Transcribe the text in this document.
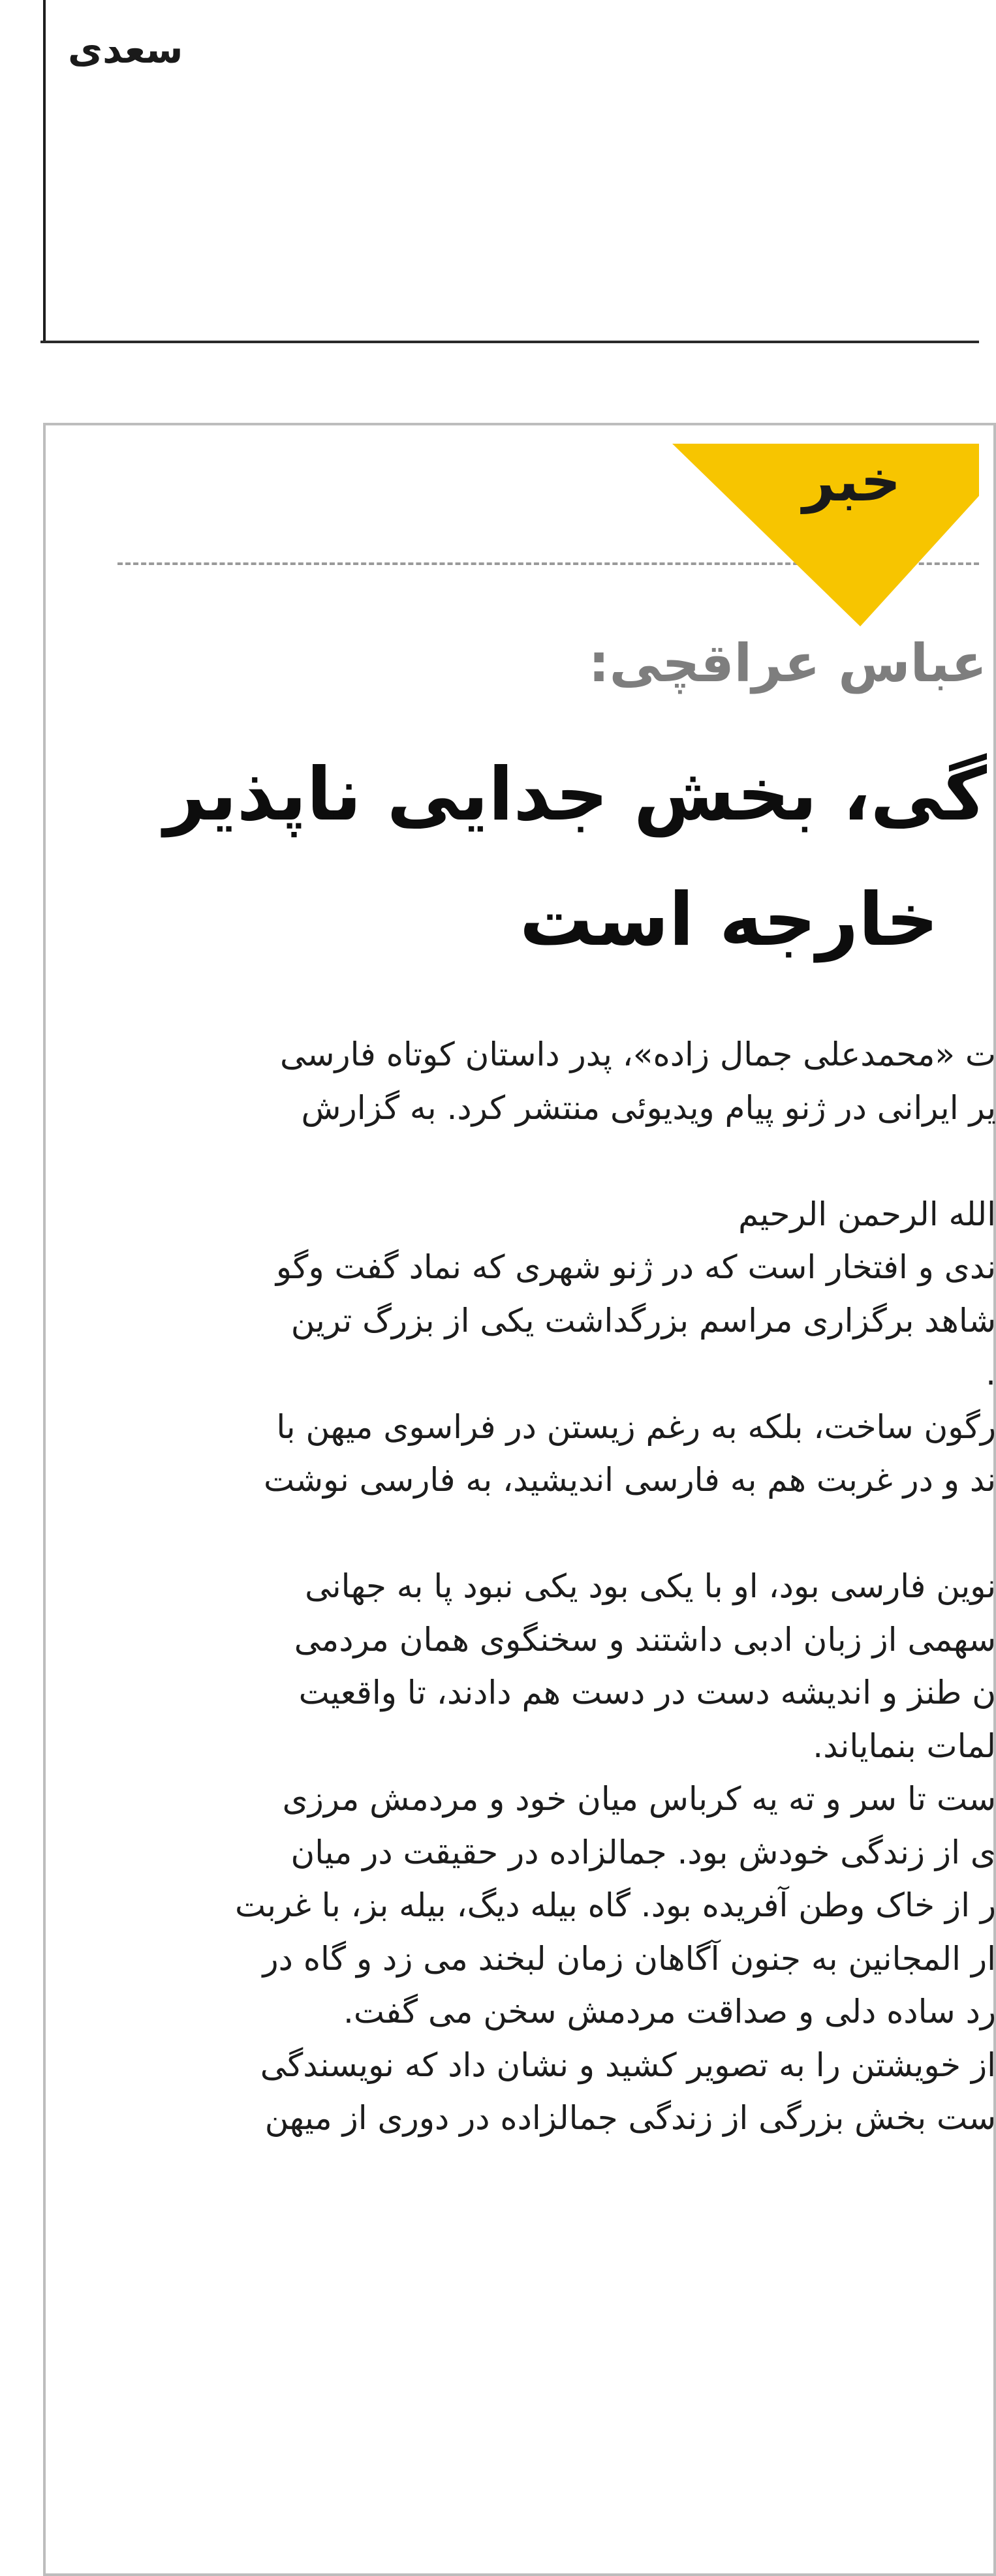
سعدی
خبر
عباس عراقچی:
گی، بخش جدایی ناپذیر
خارجه است
ت «محمدعلی جمال زاده»، پدر داستان کوتاه فارسی
یر ایرانی در ژنو پیام ویدیوئی منتشر کرد. به گزارش
الله الرحمن الرحیم
ندی و افتخار است که در ژنو شهری که نماد گفت وگو
شاهد برگزاری مراسم بزرگداشت یکی از بزرگ ترین
.
رگون ساخت، بلکه به رغم زیستن در فراسوی میهن با
ند و در غربت هم به فارسی اندیشید، به فارسی نوشت
نوین فارسی بود، او با یکی بود یکی نبود پا به جهانی
سهمی از زبان ادبی داشتند و سخنگوی همان مردمی
ن طنز و اندیشه دست در دست هم دادند، تا واقعیت
لمات بنمایاند.
ست تا سر و ته یه کرباس میان خود و مردمش مرزی
ی از زندگی خودش بود. جمالزاده در حقیقت در میان
ر از خاک وطن آفریده بود. گاه بیله دیگ، بیله بز، با غربت
ار المجانین به جنون آگاهان زمان لبخند می زد و گاه در
رد ساده دلی و صداقت مردمش سخن می گفت.
از خویشتن را به تصویر کشید و نشان داد که نویسندگی
ست بخش بزرگی از زندگی جمالزاده در دوری از میهن
